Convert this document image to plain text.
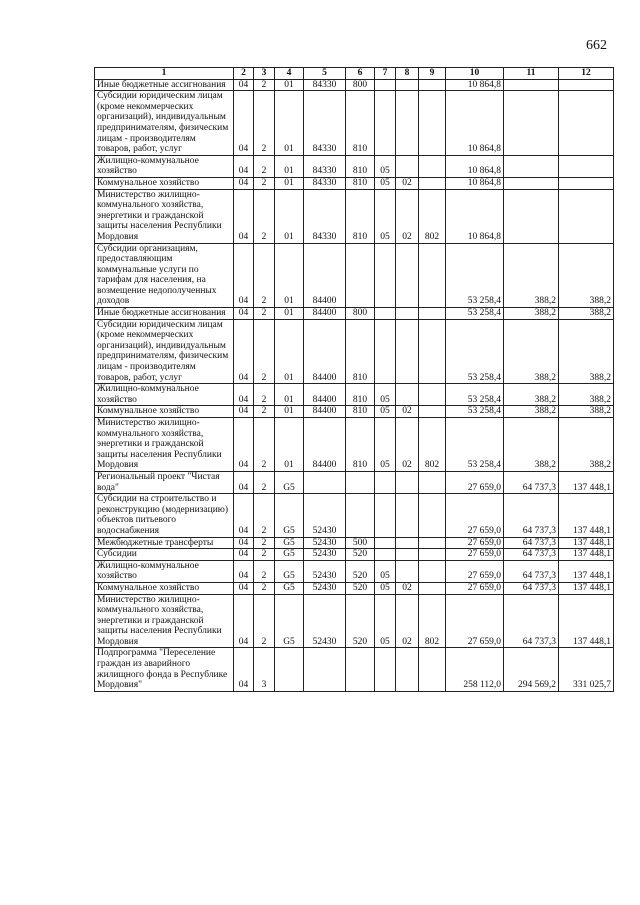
662
1	2	3	4	5	6	7	8	9	10	11	12
Иные бюджетные ассигнования	04	2	01	84330	800				10 864,8		
Субсидии юридическим лицам (кроме некоммерческих организаций), индивидуальным предпринимателям, физическим лицам - производителям товаров, работ, услуг	04	2	01	84330	810				10 864,8		
Жилищно-коммунальное хозяйство	04	2	01	84330	810	05			10 864,8		
Коммунальное хозяйство	04	2	01	84330	810	05	02		10 864,8		
Министерство жилищно-коммунального хозяйства, энергетики и гражданской защиты населения Республики Мордовия	04	2	01	84330	810	05	02	802	10 864,8		
Субсидии организациям, предоставляющим коммунальные услуги по тарифам для населения, на возмещение недополученных доходов	04	2	01	84400					53 258,4	388,2	388,2
Иные бюджетные ассигнования	04	2	01	84400	800				53 258,4	388,2	388,2
Субсидии юридическим лицам (кроме некоммерческих организаций), индивидуальным предпринимателям, физическим лицам - производителям товаров, работ, услуг	04	2	01	84400	810				53 258,4	388,2	388,2
Жилищно-коммунальное хозяйство	04	2	01	84400	810	05			53 258,4	388,2	388,2
Коммунальное хозяйство	04	2	01	84400	810	05	02		53 258,4	388,2	388,2
Министерство жилищно-коммунального хозяйства, энергетики и гражданской защиты населения Республики Мордовия	04	2	01	84400	810	05	02	802	53 258,4	388,2	388,2
Региональный проект "Чистая вода"	04	2	G5						27 659,0	64 737,3	137 448,1
Субсидии на строительство и реконструкцию (модернизацию) объектов питьевого водоснабжения	04	2	G5	52430					27 659,0	64 737,3	137 448,1
Межбюджетные трансферты	04	2	G5	52430	500				27 659,0	64 737,3	137 448,1
Субсидии	04	2	G5	52430	520				27 659,0	64 737,3	137 448,1
Жилищно-коммунальное хозяйство	04	2	G5	52430	520	05			27 659,0	64 737,3	137 448,1
Коммунальное хозяйство	04	2	G5	52430	520	05	02		27 659,0	64 737,3	137 448,1
Министерство жилищно-коммунального хозяйства, энергетики и гражданской защиты населения Республики Мордовия	04	2	G5	52430	520	05	02	802	27 659,0	64 737,3	137 448,1
Подпрограмма "Переселение граждан из аварийного жилищного фонда в Республике Мордовия"	04	3							258 112,0	294 569,2	331 025,7
